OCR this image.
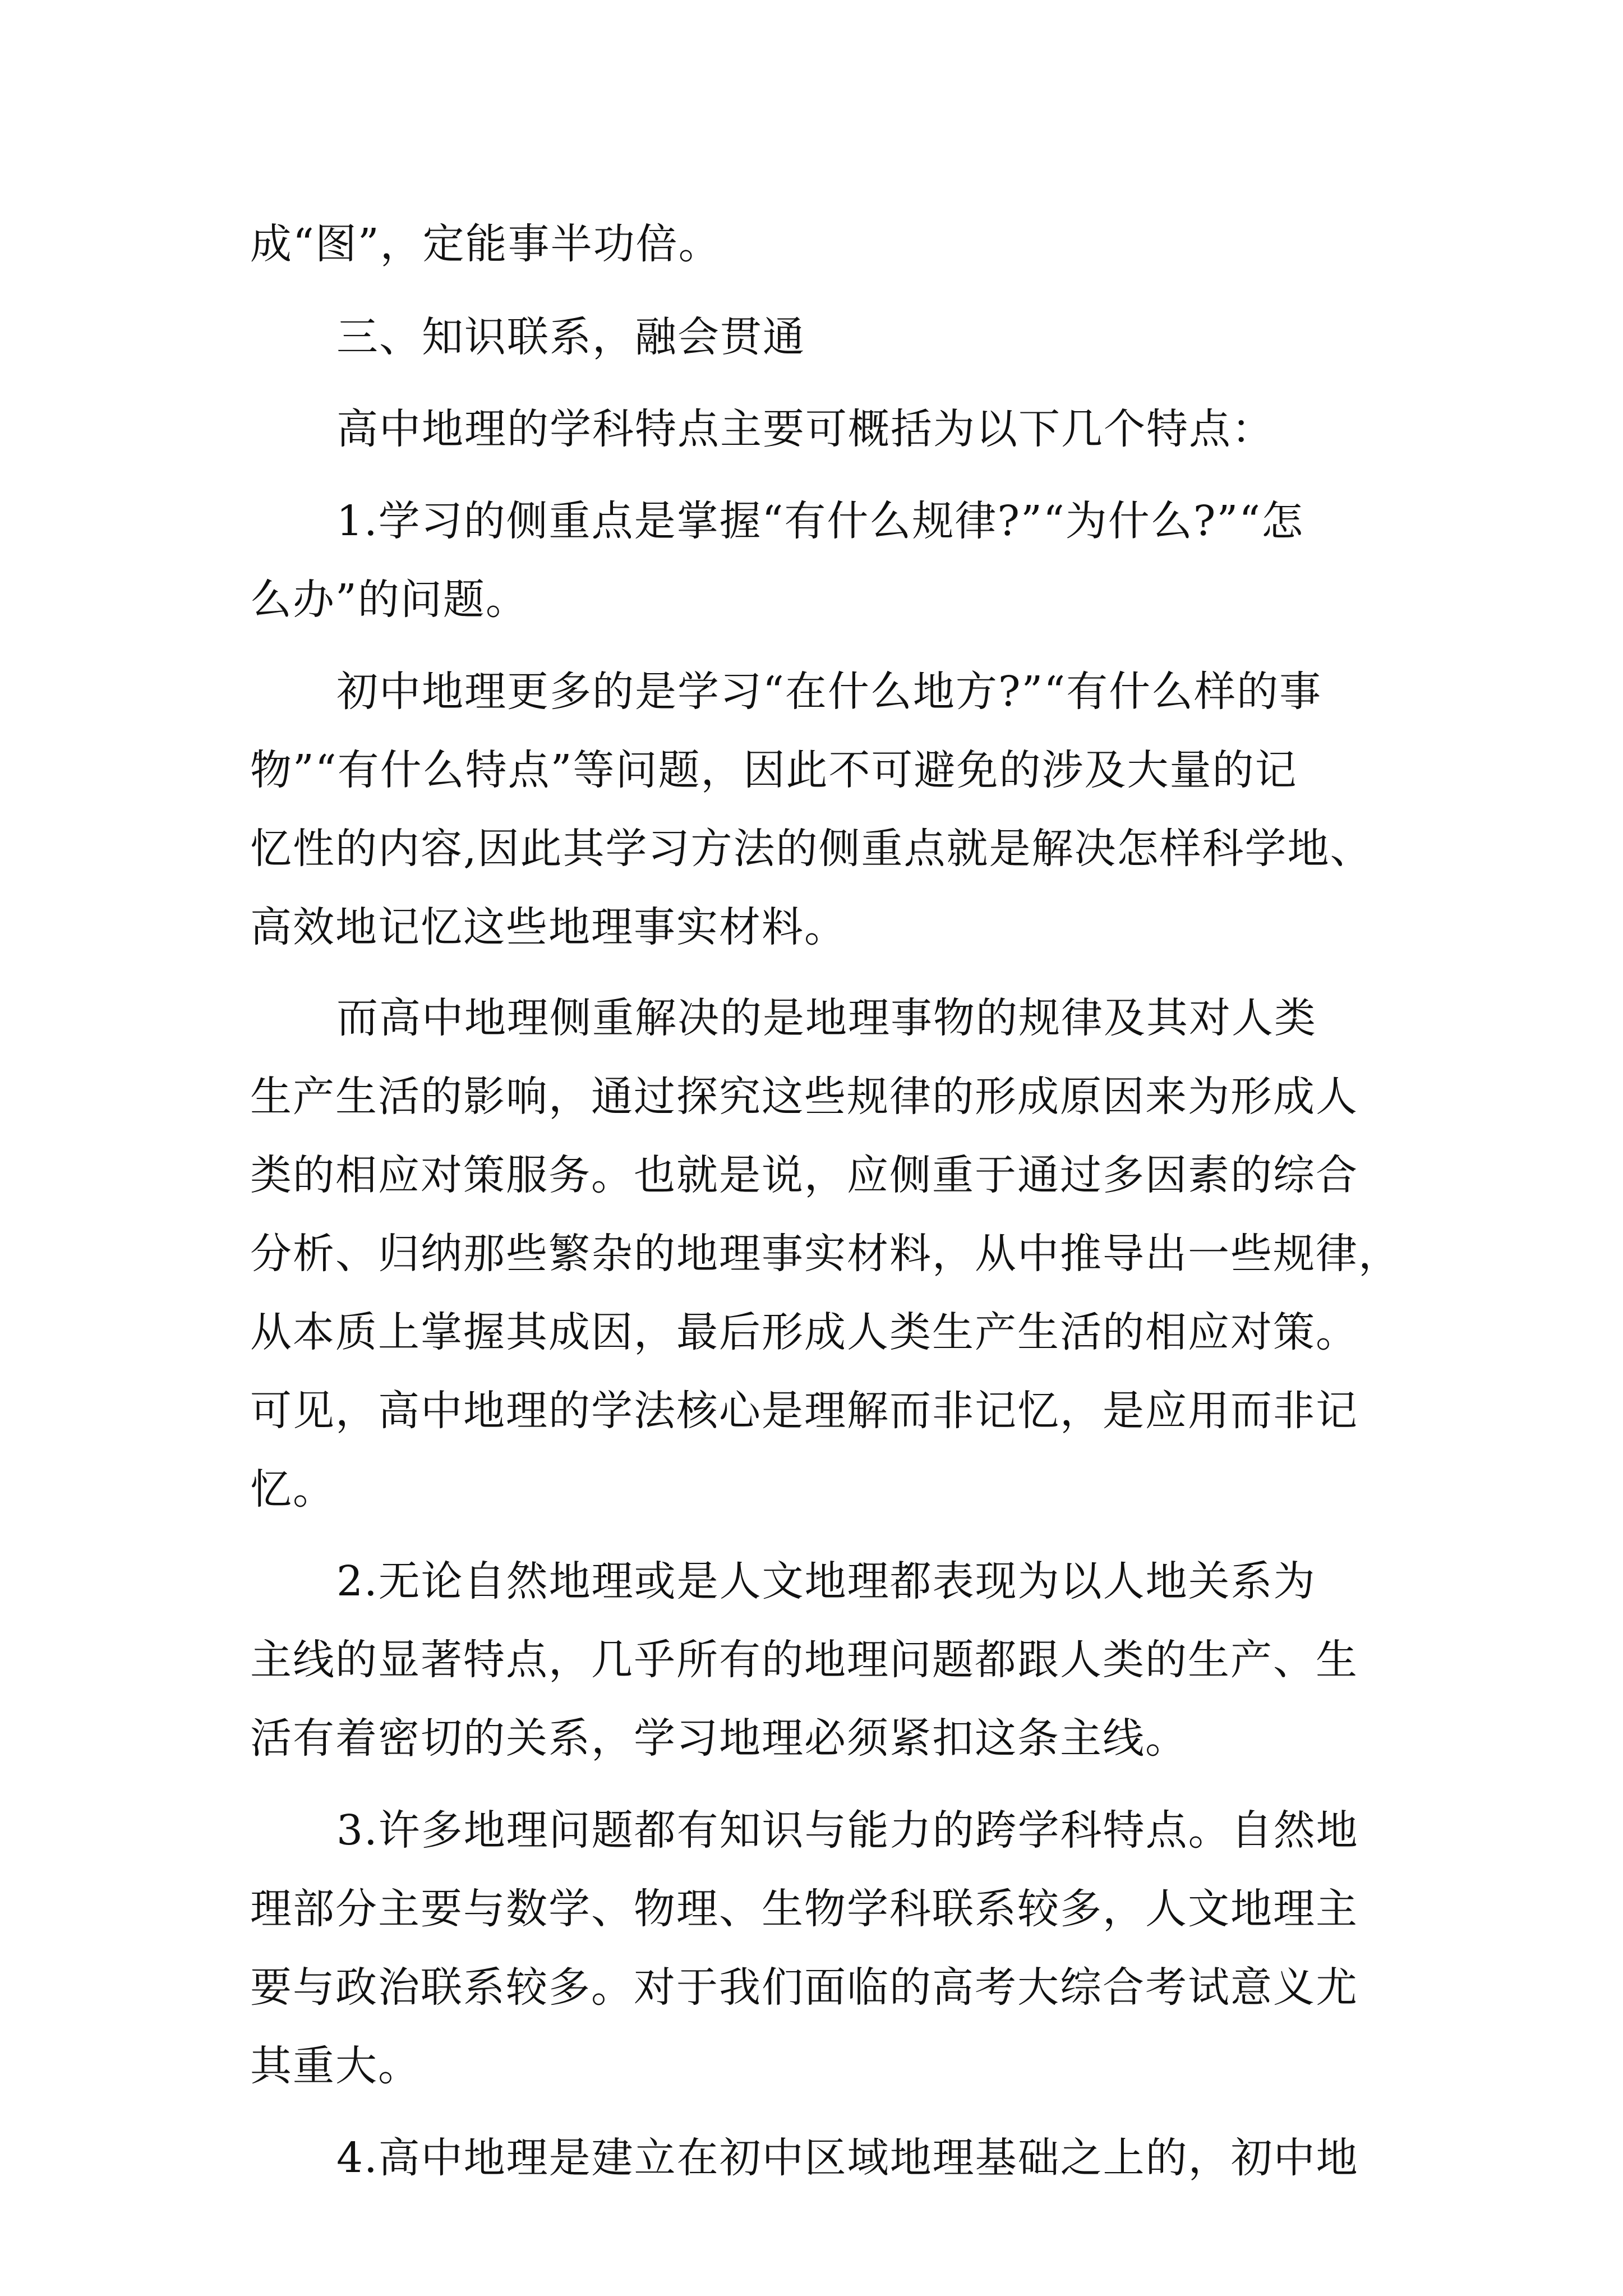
成“图”，定能事半功倍。
三、知识联系，融会贯通
高中地理的学科特点主要可概括为以下几个特点：
1.学习的侧重点是掌握“有什么规律?”“为什么?”“怎
么办”的问题。
初中地理更多的是学习“在什么地方?”“有什么样的事
物”“有什么特点”等问题，因此不可避免的涉及大量的记
忆性的内容,因此其学习方法的侧重点就是解决怎样科学地、
高效地记忆这些地理事实材料。
而高中地理侧重解决的是地理事物的规律及其对人类
生产生活的影响，通过探究这些规律的形成原因来为形成人
类的相应对策服务。也就是说，应侧重于通过多因素的综合
分析、归纳那些繁杂的地理事实材料，从中推导出一些规律，
从本质上掌握其成因，最后形成人类生产生活的相应对策。
可见，高中地理的学法核心是理解而非记忆，是应用而非记
忆。
2.无论自然地理或是人文地理都表现为以人地关系为
主线的显著特点，几乎所有的地理问题都跟人类的生产、生
活有着密切的关系，学习地理必须紧扣这条主线。
3.许多地理问题都有知识与能力的跨学科特点。自然地
理部分主要与数学、物理、生物学科联系较多，人文地理主
要与政治联系较多。对于我们面临的高考大综合考试意义尤
其重大。
4.高中地理是建立在初中区域地理基础之上的，初中地
